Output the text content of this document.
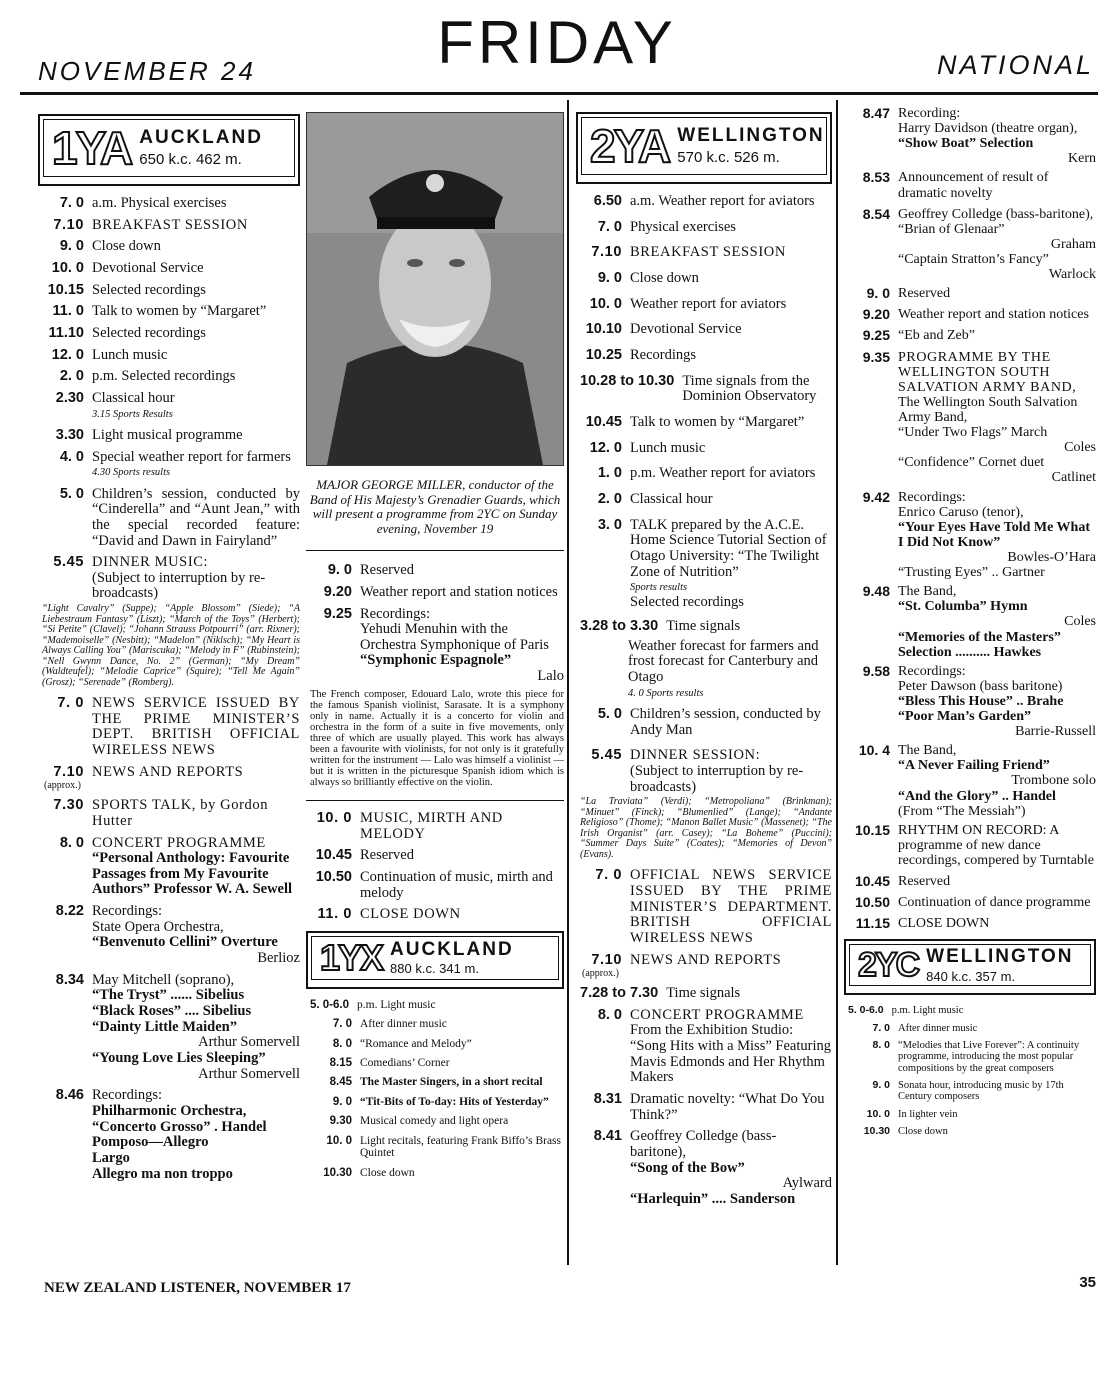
FRIDAY
NOVEMBER 24	NATIONAL
1YA AUCKLAND
650 k.c. 462 m.
7. 0 a.m. Physical exercises
7.10 BREAKFAST SESSION
9. 0 Close down
10. 0 Devotional Service
10.15 Selected recordings
11. 0 Talk to women by “Margaret”
11.10 Selected recordings
12. 0 Lunch music
2. 0 p.m. Selected recordings
2.30 Classical hour
3.15 Sports Results
3.30 Light musical programme
4. 0 Special weather report for farmers
4.30 Sports results
5. 0 Children’s session, conducted by “Cinderella” and “Aunt Jean,” with the special recorded feature: “David and Dawn in Fairyland”
5.45 DINNER MUSIC:
(Subject to interruption by re-broadcasts)
“Light Cavalry” (Suppe); “Apple Blossom” (Siede); “A Liebestraum Fantasy” (Liszt); “March of the Toys” (Herbert); “Si Petite” (Clavel); “Johann Strauss Potpourri” (arr. Rixner); “Mademoiselle” (Nesbitt); “Madelon” (Niklsch); “My Heart is Always Calling You” (Mariscuka); “Melody in F” (Rubinstein); “Nell Gwynn Dance, No. 2” (German); “My Dream” (Waldteufel); “Melodie Caprice” (Squire); “Tell Me Again” (Grosz); “Serenade” (Romberg).
7. 0 NEWS SERVICE ISSUED BY THE PRIME MINISTER’S DEPT. BRITISH OFFICIAL WIRELESS NEWS
7.10 NEWS AND REPORTS
(approx.)
7.30 SPORTS TALK, by Gordon Hutter
8. 0 CONCERT PROGRAMME
“Personal Anthology: Favourite Passages from My Favourite Authors” Professor W. A. Sewell
8.22 Recordings:
State Opera Orchestra,
“Benvenuto Cellini” Overture
Berlioz
8.34 May Mitchell (soprano),
“The Tryst” ...... Sibelius
“Black Roses” .... Sibelius
“Dainty Little Maiden”
Arthur Somervell
“Young Love Lies Sleeping”
Arthur Somervell
8.46 Recordings:
Philharmonic Orchestra,
“Concerto Grosso” . Handel
Pomposo—Allegro
Largo
Allegro ma non troppo
MAJOR GEORGE MILLER, conductor of the Band of His Majesty’s Grenadier Guards, which will present a programme from 2YC on Sunday evening, November 19
9. 0 Reserved
9.20 Weather report and station notices
9.25 Recordings:
Yehudi Menuhin with the Orchestra Symphonique of Paris
“Symphonic Espagnole”
Lalo
The French composer, Edouard Lalo, wrote this piece for the famous Spanish violinist, Sarasate. It is a symphony only in name. Actually it is a concerto for violin and orchestra in the form of a suite in five movements, only three of which are usually played. This work has always been a favourite with violinists, for not only is it gratefully written for the instrument — Lalo was himself a violinist — but it is written in the picturesque Spanish idiom which is always so brilliantly effective on the violin.
10. 0 MUSIC, MIRTH AND MELODY
10.45 Reserved
10.50 Continuation of music, mirth and melody
11. 0 CLOSE DOWN
1YX AUCKLAND
880 k.c. 341 m.
5. 0-6.0 p.m. Light music
7. 0 After dinner music
8. 0 “Romance and Melody”
8.15 Comedians’ Corner
8.45 The Master Singers, in a short recital
9. 0 “Tit-Bits of To-day: Hits of Yesterday”
9.30 Musical comedy and light opera
10. 0 Light recitals, featuring Frank Biffo’s Brass Quintet
10.30 Close down
2YA WELLINGTON
570 k.c. 526 m.
6.50 a.m. Weather report for aviators
7. 0 Physical exercises
7.10 BREAKFAST SESSION
9. 0 Close down
10. 0 Weather report for aviators
10.10 Devotional Service
10.25 Recordings
10.28 to 10.30 Time signals from the Dominion Observatory
10.45 Talk to women by “Margaret”
12. 0 Lunch music
1. 0 p.m. Weather report for aviators
2. 0 Classical hour
3. 0 TALK prepared by the A.C.E. Home Science Tutorial Section of Otago University: “The Twilight Zone of Nutrition”
Sports results
Selected recordings
3.28 to 3.30 Time signals
Weather forecast for farmers and frost forecast for Canterbury and Otago
4. 0 Sports results
5. 0 Children’s session, conducted by Andy Man
5.45 DINNER SESSION:
(Subject to interruption by re-broadcasts)
“La Traviata” (Verdi); “Metropoliana” (Brinkman); “Minuet” (Finck); “Blumenlied” (Lange); “Andante Religioso” (Thome); “Manon Ballet Music” (Massenet); “The Irish Organist” (arr. Casey); “La Boheme” (Puccini); “Summer Days Suite” (Coates); “Memories of Devon” (Evans).
7. 0 OFFICIAL NEWS SERVICE ISSUED BY THE PRIME MINISTER’S DEPARTMENT. BRITISH OFFICIAL WIRELESS NEWS
7.10 NEWS AND REPORTS
(approx.)
7.28 to 7.30 Time signals
8. 0 CONCERT PROGRAMME
From the Exhibition Studio: “Song Hits with a Miss” Featuring Mavis Edmonds and Her Rhythm Makers
8.31 Dramatic novelty: “What Do You Think?”
8.41 Geoffrey Colledge (bass-baritone),
“Song of the Bow”
Aylward
“Harlequin” .... Sanderson
8.47 Recording:
Harry Davidson (theatre organ),
“Show Boat” Selection
Kern
8.53 Announcement of result of dramatic novelty
8.54 Geoffrey Colledge (bass-baritone),
“Brian of Glenaar”
Graham
“Captain Stratton’s Fancy”
Warlock
9. 0 Reserved
9.20 Weather report and station notices
9.25 “Eb and Zeb”
9.35 PROGRAMME BY THE WELLINGTON SOUTH SALVATION ARMY BAND,
The Wellington South Salvation Army Band,
“Under Two Flags” March
Coles
“Confidence” Cornet duet
Catlinet
9.42 Recordings:
Enrico Caruso (tenor),
“Your Eyes Have Told Me What I Did Not Know”
Bowles-O’Hara
“Trusting Eyes” .. Gartner
9.48 The Band,
“St. Columba” Hymn
Coles
“Memories of the Masters” Selection .......... Hawkes
9.58 Recordings:
Peter Dawson (bass baritone)
“Bless This House” .. Brahe
“Poor Man’s Garden”
Barrie-Russell
10. 4 The Band,
“A Never Failing Friend”
Trombone solo
“And the Glory” .. Handel
(From “The Messiah”)
10.15 RHYTHM ON RECORD: A programme of new dance recordings, compered by Turntable
10.45 Reserved
10.50 Continuation of dance programme
11.15 CLOSE DOWN
2YC WELLINGTON
840 k.c. 357 m.
5. 0-6.0 p.m. Light music
7. 0 After dinner music
8. 0 “Melodies that Live Forever”: A continuity programme, introducing the most popular compositions by the great composers
9. 0 Sonata hour, introducing music by 17th Century composers
10. 0 In lighter vein
10.30 Close down
NEW ZEALAND LISTENER, NOVEMBER 17	35
